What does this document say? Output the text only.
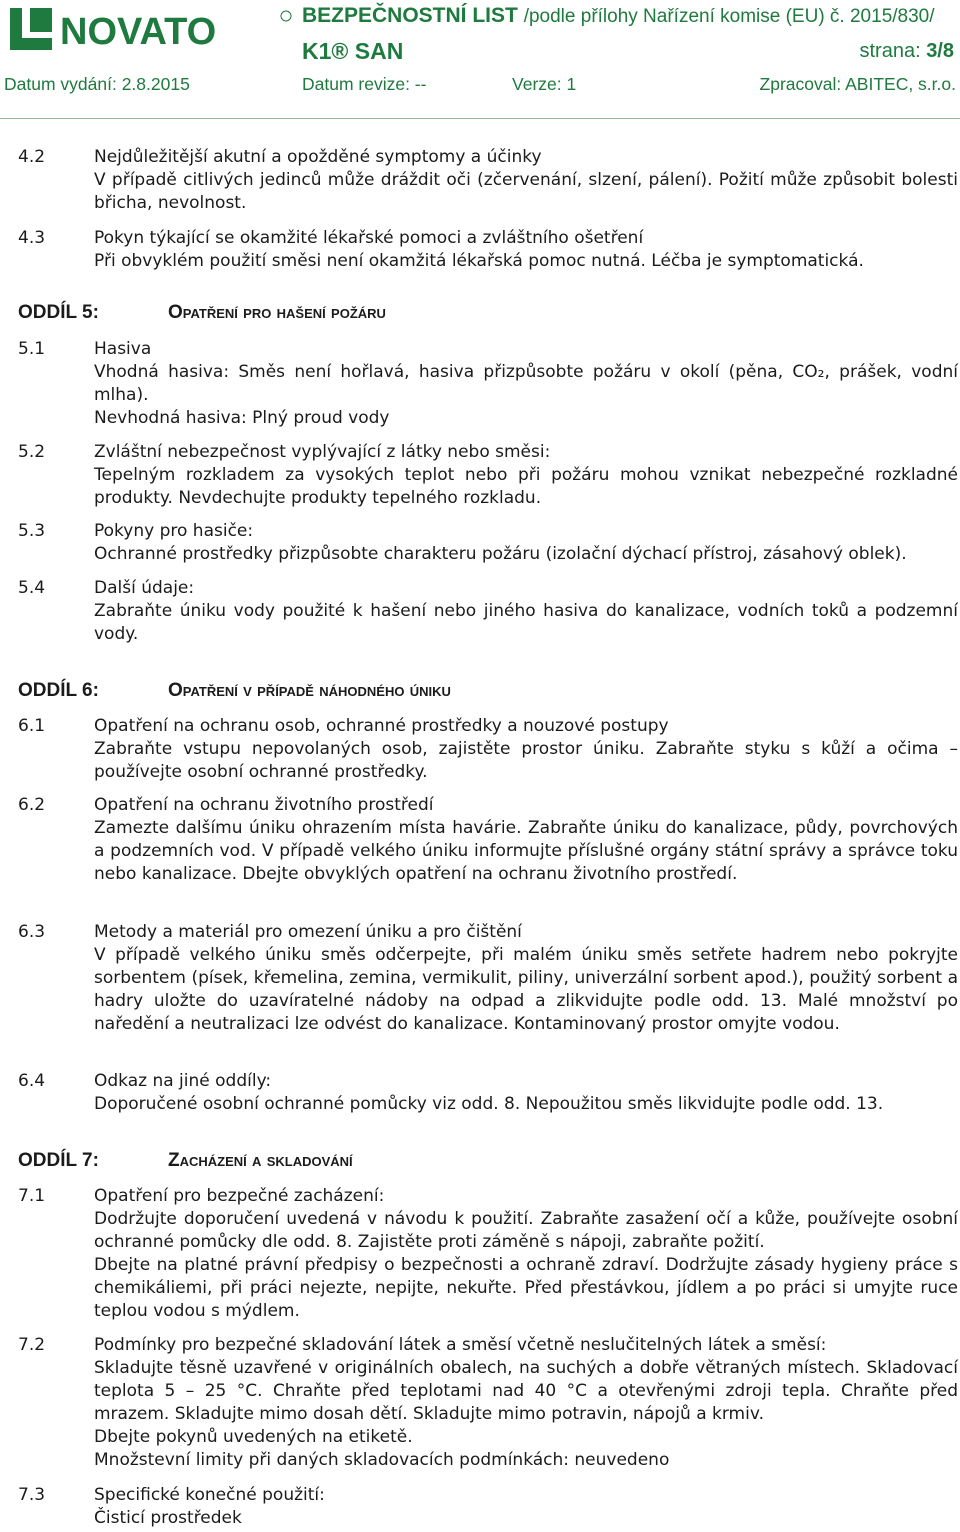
NOVATO	BEZPEČNOSTNÍ LIST /podle přílohy Nařízení komise (EU) č. 2015/830/
K1® SAN	strana: 3/8
Datum vydání: 2.8.2015	Datum revize: --	Verze: 1	Zpracoval: ABITEC, s.r.o.
4.2	Nejdůležitější akutní a opožděné symptomy a účinky
V případě citlivých jedinců může dráždit oči (zčervenání, slzení, pálení). Požití může způsobit bolesti břicha, nevolnost.
4.3	Pokyn týkající se okamžité lékařské pomoci a zvláštního ošetření
Při obvyklém použití směsi není okamžitá lékařská pomoc nutná. Léčba je symptomatická.
ODDÍL 5:	Opatření pro hašení požáru
5.1	Hasiva
Vhodná hasiva: Směs není hořlavá, hasiva přizpůsobte požáru v okolí (pěna, CO₂, prášek, vodní mlha).
Nevhodná hasiva: Plný proud vody
5.2	Zvláštní nebezpečnost vyplývající z látky nebo směsi:
Tepelným rozkladem za vysokých teplot nebo při požáru mohou vznikat nebezpečné rozkladné produkty. Nevdechujte produkty tepelného rozkladu.
5.3	Pokyny pro hasiče:
Ochranné prostředky přizpůsobte charakteru požáru (izolační dýchací přístroj, zásahový oblek).
5.4	Další údaje:
Zabraňte úniku vody použité k hašení nebo jiného hasiva do kanalizace, vodních toků a podzemní vody.
ODDÍL 6:	Opatření v případě náhodného úniku
6.1	Opatření na ochranu osob, ochranné prostředky a nouzové postupy
Zabraňte vstupu nepovolaných osob, zajistěte prostor úniku. Zabraňte styku s kůží a očima – používejte osobní ochranné prostředky.
6.2	Opatření na ochranu životního prostředí
Zamezte dalšímu úniku ohrazením místa havárie. Zabraňte úniku do kanalizace, půdy, povrchových a podzemních vod. V případě velkého úniku informujte příslušné orgány státní správy a správce toku nebo kanalizace. Dbejte obvyklých opatření na ochranu životního prostředí.
6.3	Metody a materiál pro omezení úniku a pro čištění
V případě velkého úniku směs odčerpejte, při malém úniku směs setřete hadrem nebo pokryjte sorbentem (písek, křemelina, zemina, vermikulit, piliny, univerzální sorbent apod.), použitý sorbent a hadry uložte do uzavíratelné nádoby na odpad a zlikvidujte podle odd. 13. Malé množství po naředění a neutralizaci lze odvést do kanalizace. Kontaminovaný prostor omyjte vodou.
6.4	Odkaz na jiné oddíly:
Doporučené osobní ochranné pomůcky viz odd. 8. Nepoužitou směs likvidujte podle odd. 13.
ODDÍL 7:	Zacházení a skladování
7.1	Opatření pro bezpečné zacházení:
Dodržujte doporučení uvedená v návodu k použití. Zabraňte zasažení očí a kůže, používejte osobní ochranné pomůcky dle odd. 8. Zajistěte proti záměně s nápoji, zabraňte požití.
Dbejte na platné právní předpisy o bezpečnosti a ochraně zdraví. Dodržujte zásady hygieny práce s chemikáliemi, při práci nejezte, nepijte, nekuřte. Před přestávkou, jídlem a po práci si umyjte ruce teplou vodou s mýdlem.
7.2	Podmínky pro bezpečné skladování látek a směsí včetně neslučitelných látek a směsí:
Skladujte těsně uzavřené v originálních obalech, na suchých a dobře větraných místech. Skladovací teplota 5 – 25 °C. Chraňte před teplotami nad 40 °C a otevřenými zdroji tepla. Chraňte před mrazem. Skladujte mimo dosah dětí. Skladujte mimo potravin, nápojů a krmiv.
Dbejte pokynů uvedených na etiketě.
Množstevní limity při daných skladovacích podmínkách: neuvedeno
7.3	Specifické konečné použití:
Čisticí prostředek
